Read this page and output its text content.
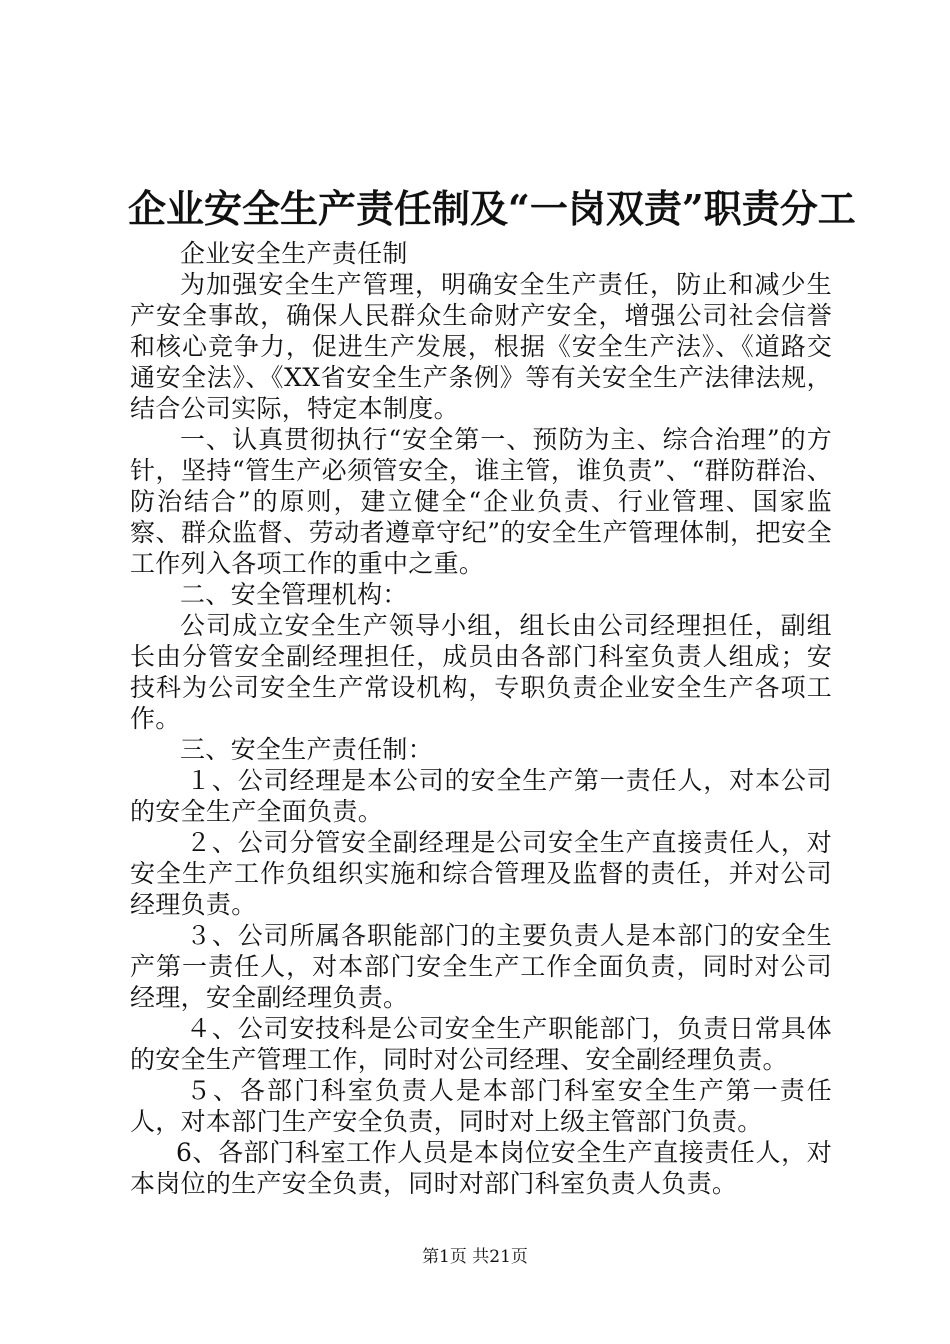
企业安全生产责任制及“一岗双责”职责分工

企业安全生产责任制

为加强安全生产管理，明确安全生产责任，防止和减少生产安全事故，确保人民群众生命财产安全，增强公司社会信誉和核心竞争力，促进生产发展，根据《安全生产法》、《道路交通安全法》、《XX省安全生产条例》等有关安全生产法律法规，结合公司实际，特定本制度。

一、认真贯彻执行“安全第一、预防为主、综合治理”的方针，坚持“管生产必须管安全，谁主管，谁负责”、“群防群治、防治结合”的原则，建立健全“企业负责、行业管理、国家监察、群众监督、劳动者遵章守纪”的安全生产管理体制，把安全工作列入各项工作的重中之重。

二、安全管理机构：

公司成立安全生产领导小组，组长由公司经理担任，副组长由分管安全副经理担任，成员由各部门科室负责人组成；安技科为公司安全生产常设机构，专职负责企业安全生产各项工作。

三、安全生产责任制：

１、公司经理是本公司的安全生产第一责任人，对本公司的安全生产全面负责。

２、公司分管安全副经理是公司安全生产直接责任人，对安全生产工作负组织实施和综合管理及监督的责任，并对公司经理负责。

３、公司所属各职能部门的主要负责人是本部门的安全生产第一责任人，对本部门安全生产工作全面负责，同时对公司经理，安全副经理负责。

４、公司安技科是公司安全生产职能部门，负责日常具体的安全生产管理工作，同时对公司经理、安全副经理负责。

５、各部门科室负责人是本部门科室安全生产第一责任人，对本部门生产安全负责，同时对上级主管部门负责。

6、各部门科室工作人员是本岗位安全生产直接责任人，对本岗位的生产安全负责，同时对部门科室负责人负责。

第1页 共21页
